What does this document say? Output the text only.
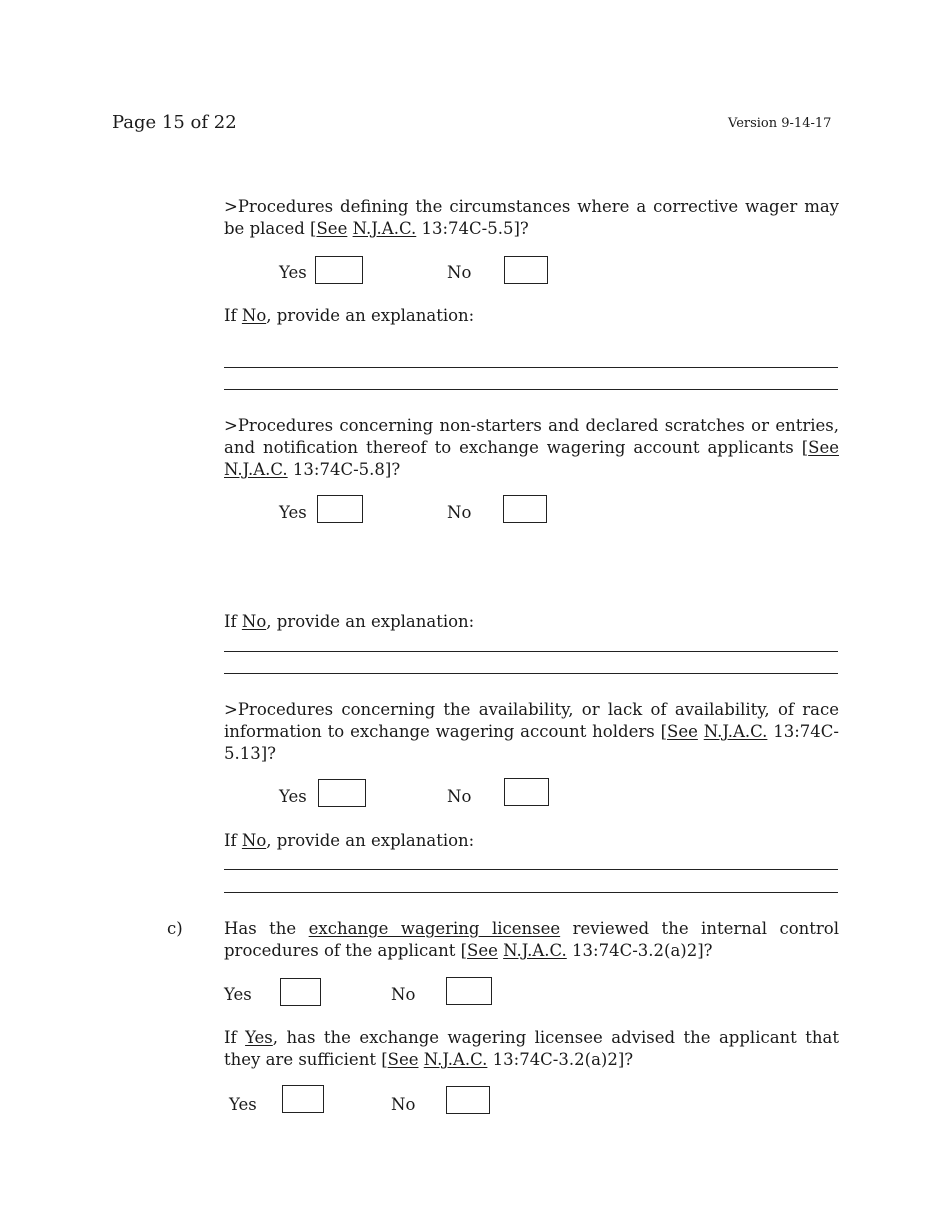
Page 15 of 22	Version 9-14-17

>Procedures defining the circumstances where a corrective wager may be placed [See N.J.A.C. 13:74C-5.5]?

Yes	No
If No, provide an explanation:

>Procedures concerning non-starters and declared scratches or entries, and notification thereof to exchange wagering account applicants [See N.J.A.C. 13:74C-5.8]?

Yes	No
If No, provide an explanation:

>Procedures concerning the availability, or lack of availability, of race information to exchange wagering account holders [See N.J.A.C. 13:74C-5.13]?

Yes	No
If No, provide an explanation:
c)	Has the exchange wagering licensee reviewed the internal control procedures of the applicant [See N.J.A.C. 13:74C-3.2(a)2]?

Yes	No

If Yes, has the exchange wagering licensee advised the applicant that they are sufficient [See N.J.A.C. 13:74C-3.2(a)2]?

Yes	No
